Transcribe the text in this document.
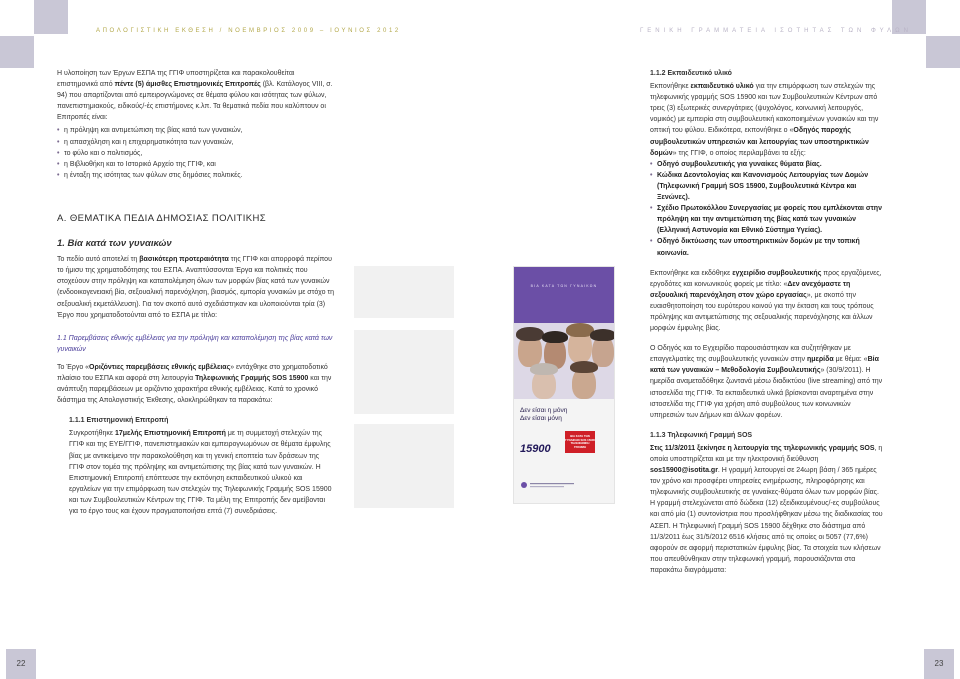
ΑΠΟΛΟΓΙΣΤΙΚΗ ΕΚΘΕΣΗ / ΝΟΕΜΒΡΙΟΣ 2009 – ΙΟΥΝΙΟΣ 2012

Η υλοποίηση των Έργων ΕΣΠΑ της ΓΓΙΦ υποστηρίζεται και παρακολουθείται επιστημονικά από πέντε (5) άμισθες Επιστημονικές Επιτροπές (βλ. Κατάλογος VIII, σ. 94) που απαρτίζονται από εμπειρογνώμονες σε θέματα φύλου και ισότητας των φύλων, πανεπιστημιακούς, ειδικούς/-ές επιστήμονες κ.λπ. Τα θεματικά πεδία που καλύπτουν οι Επιτροπές είναι:

• η πρόληψη και αντιμετώπιση της βίας κατά των γυναικών,
• η απασχόληση και η επιχειρηματικότητα των γυναικών,
• το φύλο και ο πολιτισμός,
• η Βιβλιοθήκη και το Ιστορικό Αρχείο της ΓΓΙΦ, και
• η ένταξη της ισότητας των φύλων στις δημόσιες πολιτικές.
Α. ΘΕΜΑΤΙΚΑ ΠΕΔΙΑ ΔΗΜΟΣΙΑΣ ΠΟΛΙΤΙΚΗΣ
1. Βία κατά των γυναικών

Το πεδίο αυτό αποτελεί τη βασικότερη προτεραιότητα της ΓΓΙΦ και απορροφά περίπου το ήμισυ της χρηματοδότησης του ΕΣΠΑ. Αναπτύσσονται Έργα και πολιτικές που στοχεύουν στην πρόληψη και καταπολέμηση όλων των μορφών βίας κατά των γυναικών (ενδοοικογενειακή βία, σεξουαλική παρενόχληση, βιασμός, εμπορία γυναικών με στόχο τη σεξουαλική εκμετάλλευση). Για τον σκοπό αυτό σχεδιάστηκαν και υλοποιούνται τρία (3) Έργο που χρηματοδοτούνται από το ΕΣΠΑ με τίτλο:

1.1 Παρεμβάσεις εθνικής εμβέλειας για την πρόληψη και καταπολέμηση της βίας κατά των γυναικών

Το Έργο «Οριζόντιες παρεμβάσεις εθνικής εμβέλειας» εντάχθηκε στο χρηματοδοτικό πλαίσιο του ΕΣΠΑ και αφορά στη λειτουργία Τηλεφωνικής Γραμμής SOS 15900 και την ανάπτυξη παρεμβάσεων με οριζόντιο χαρακτήρα εθνικής εμβέλειας. Κατά το χρονικό διάστημα της Απολογιστικής Έκθεσης, ολοκληρώθηκαν τα παρακάτω:

1.1.1 Επιστημονική Επιτροπή

Συγκροτήθηκε 17μελής Επιστημονική Επιτροπή με τη συμμετοχή στελεχών της ΓΓΙΦ και της ΕΥΕ/ΓΓΙΦ, πανεπιστημιακών και εμπειρογνωμόνων σε θέματα έμφυλης βίας με αντικείμενο την παρακολούθηση και τη γενική εποπτεία των δράσεων της ΓΓΙΦ στον τομέα της πρόληψης και αντιμετώπισης της βίας κατά των γυναικών. Η Επιστημονική Επιτροπή επόπτευσε την εκπόνηση εκπαιδευτικού υλικού και εργαλείων για την επιμόρφωση των στελεχών της Τηλεφωνικής Γραμμής SOS 15900 και των Συμβουλευτικών Κέντρων της ΓΓΙΦ. Τα μέλη της Επιτροπής δεν αμείβονται για το έργο τους και έχουν πραγματοποιήσει επτά (7) συνεδριάσεις.

22
ΓΕΝΙΚΗ ΓΡΑΜΜΑΤΕΙΑ ΙΣΟΤΗΤΑΣ ΤΩΝ ΦΥΛΩΝ
1.1.2 Εκπαιδευτικό υλικό

Εκπονήθηκε εκπαιδευτικό υλικό για την επιμόρφωση των στελεχών της τηλεφωνικής γραμμής SOS 15900 και των Συμβουλευτικών Κέντρων από τρεις (3) εξωτερικές συνεργάτριες (ψυχολόγος, κοινωνική λειτουργός, νομικός) με εμπειρία στη συμβουλευτική κακοποιημένων γυναικών και την οπτική του φύλου. Ειδικότερα, εκπονήθηκε ο «Οδηγός παροχής συμβουλευτικών υπηρεσιών και λειτουργίας των υποστηρικτικών δομών» της ΓΓΙΦ, ο οποίος περιλαμβάνει τα εξής:

• Οδηγό συμβουλευτικής για γυναίκες θύματα βίας.
• Κώδικα Δεοντολογίας και Κανονισμούς Λειτουργίας των Δομών (Τηλεφωνική Γραμμή SOS 15900, Συμβουλευτικά Κέντρα και Ξενώνες).
• Σχέδιο Πρωτοκόλλου Συνεργασίας με φορείς που εμπλέκονται στην πρόληψη και την αντιμετώπιση της βίας κατά των γυναικών (Ελληνική Αστυνομία και Εθνικό Σύστημα Υγείας).
• Οδηγό δικτύωσης των υποστηρικτικών δομών με την τοπική κοινωνία.

Εκπονήθηκε και εκδόθηκε εγχειρίδιο συμβουλευτικής προς εργαζόμενες, εργοδότες και κοινωνικούς φορείς με τίτλο: «Δεν ανεχόμαστε τη σεξουαλική παρενόχληση στον χώρο εργασίας», με σκοπό την ευαισθητοποίηση του ευρύτερου κοινού για την έκταση και τους τρόπους πρόληψης και αντιμετώπισης της σεξουαλικής παρενόχλησης και άλλων μορφών έμφυλης βίας.

Ο Οδηγός και το Εγχειρίδιο παρουσιάστηκαν και συζητήθηκαν με επαγγελματίες της συμβουλευτικής γυναικών στην ημερίδα με θέμα: «Βία κατά των γυναικών – Μεθοδολογία Συμβουλευτικής» (30/9/2011). Η ημερίδα αναμεταδόθηκε ζωντανά μέσω διαδικτύου (live streaming) από την ιστοσελίδα της ΓΓΙΦ. Τα εκπαιδευτικά υλικά βρίσκονται αναρτημένα στην ιστοσελίδα της ΓΓΙΦ για χρήση από συμβούλους των κοινωνικών υπηρεσιών των Δήμων και άλλων φορέων.

1.1.3 Τηλεφωνική Γραμμή SOS

Στις 11/3/2011 ξεκίνησε η λειτουργία της τηλεφωνικής γραμμής SOS, η οποία υποστηρίζεται και με την ηλεκτρονική διεύθυνση sos15900@isotita.gr. Η γραμμή λειτουργεί σε 24ωρη βάση / 365 ημέρες τον χρόνο και προσφέρει υπηρεσίες ενημέρωσης, πληροφόρησης και τηλεφωνικής συμβουλευτικής σε γυναίκες-θύματα όλων των μορφών βίας. Η γραμμή στελεχώνεται από δώδεκα (12) εξειδικευμένους/-ες συμβούλους και από μία (1) συντονίστρια που προσλήφθηκαν μέσω της διαδικασίας του ΑΣΕΠ. Η Τηλεφωνική Γραμμή SOS 15900 δέχθηκε στο διάστημα από 11/3/2011 έως 31/5/2012 6516 κλήσεις από τις οποίες οι 5057 (77,6%) αφορούν σε αφορμή περιστατικών έμφυλης βίας. Τα στοιχεία των κλήσεων που απευθύνθηκαν στην τηλεφωνική γραμμή, παρουσιάζονται στα παρακάτω διαγράμματα:

23
ΒΙΑ ΚΑΤΑ ΤΩΝ ΓΥΝΑΙΚΩΝ
Δεν είσαι η μόνη
Δεν είσαι μόνη
15900
ΒΙΑ ΚΑΤΑ ΤΩΝ ΓΥΝΑΙΚΩΝ SOS 15900 ΤΗΛΕΦΩΝΙΚΗ ΓΡΑΜΜΗ
